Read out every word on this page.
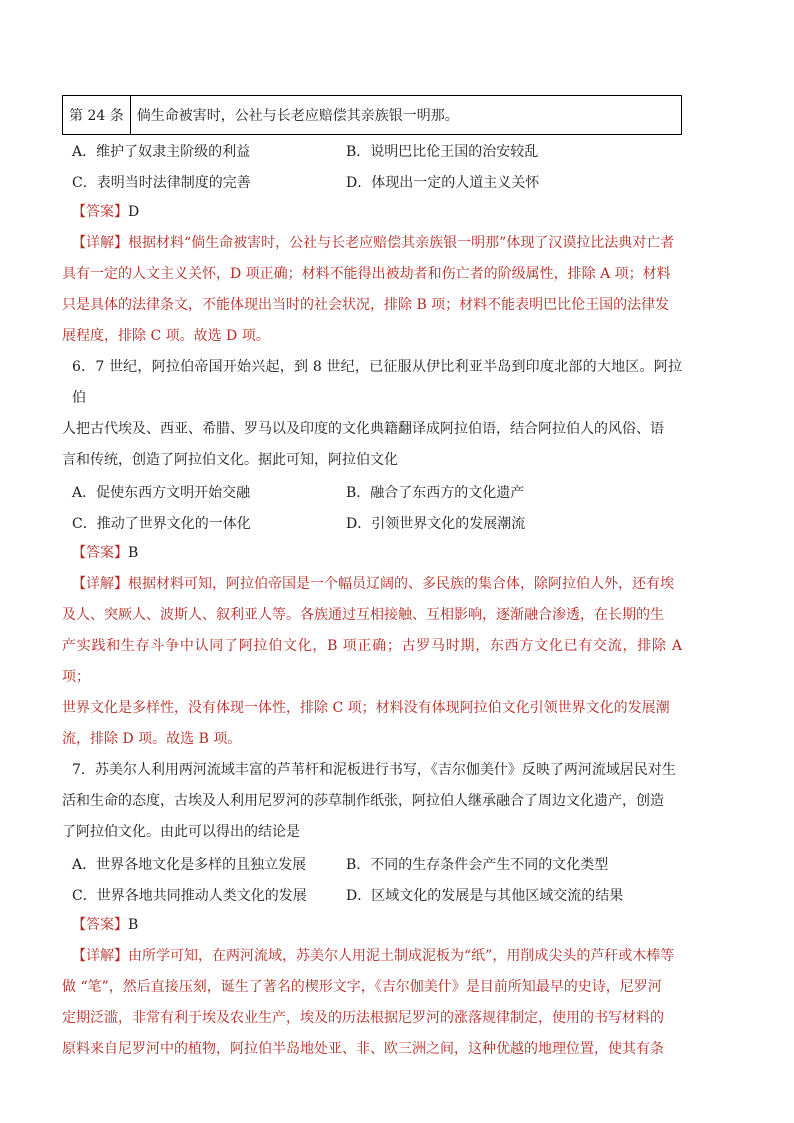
第 24 条	倘生命被害时，公社与长老应赔偿其亲族银一明那。
A．维护了奴隶主阶级的利益	B．说明巴比伦王国的治安较乱
C．表明当时法律制度的完善	D．体现出一定的人道主义关怀
【答案】D
【详解】根据材料“倘生命被害时，公社与长老应赔偿其亲族银一明那”体现了汉谟拉比法典对亡者
具有一定的人文主义关怀，D 项正确；材料不能得出被劫者和伤亡者的阶级属性，排除 A 项；材料
只是具体的法律条文，不能体现出当时的社会状况，排除 B 项；材料不能表明巴比伦王国的法律发
展程度，排除 C 项。故选 D 项。
6．7 世纪，阿拉伯帝国开始兴起，到 8 世纪，已征服从伊比利亚半岛到印度北部的大地区。阿拉伯
人把古代埃及、西亚、希腊、罗马以及印度的文化典籍翻译成阿拉伯语，结合阿拉伯人的风俗、语
言和传统，创造了阿拉伯文化。据此可知，阿拉伯文化
A．促使东西方文明开始交融	B．融合了东西方的文化遗产
C．推动了世界文化的一体化	D．引领世界文化的发展潮流
【答案】B
【详解】根据材料可知，阿拉伯帝国是一个幅员辽阔的、多民族的集合体，除阿拉伯人外，还有埃
及人、突厥人、波斯人、叙利亚人等。各族通过互相接触、互相影响，逐渐融合渗透，在长期的生
产实践和生存斗争中认同了阿拉伯文化，B 项正确；古罗马时期，东西方文化已有交流，排除 A 项；
世界文化是多样性，没有体现一体性，排除 C 项；材料没有体现阿拉伯文化引领世界文化的发展潮
流，排除 D 项。故选 B 项。
7．苏美尔人利用两河流域丰富的芦苇杆和泥板进行书写，《吉尔伽美什》反映了两河流域居民对生
活和生命的态度，古埃及人利用尼罗河的莎草制作纸张，阿拉伯人继承融合了周边文化遗产，创造
了阿拉伯文化。由此可以得出的结论是
A．世界各地文化是多样的且独立发展	B．不同的生存条件会产生不同的文化类型
C．世界各地共同推动人类文化的发展	D．区域文化的发展是与其他区域交流的结果
【答案】B
【详解】由所学可知，在两河流域，苏美尔人用泥土制成泥板为“纸”，用削成尖头的芦秆或木棒等
做 “笔”，然后直接压刻，诞生了著名的楔形文字，《吉尔伽美什》是目前所知最早的史诗，尼罗河
定期泛滥，非常有利于埃及农业生产，埃及的历法根据尼罗河的涨落规律制定，使用的书写材料的
原料来自尼罗河中的植物，阿拉伯半岛地处亚、非、欧三洲之间，这种优越的地理位置，使其有条
